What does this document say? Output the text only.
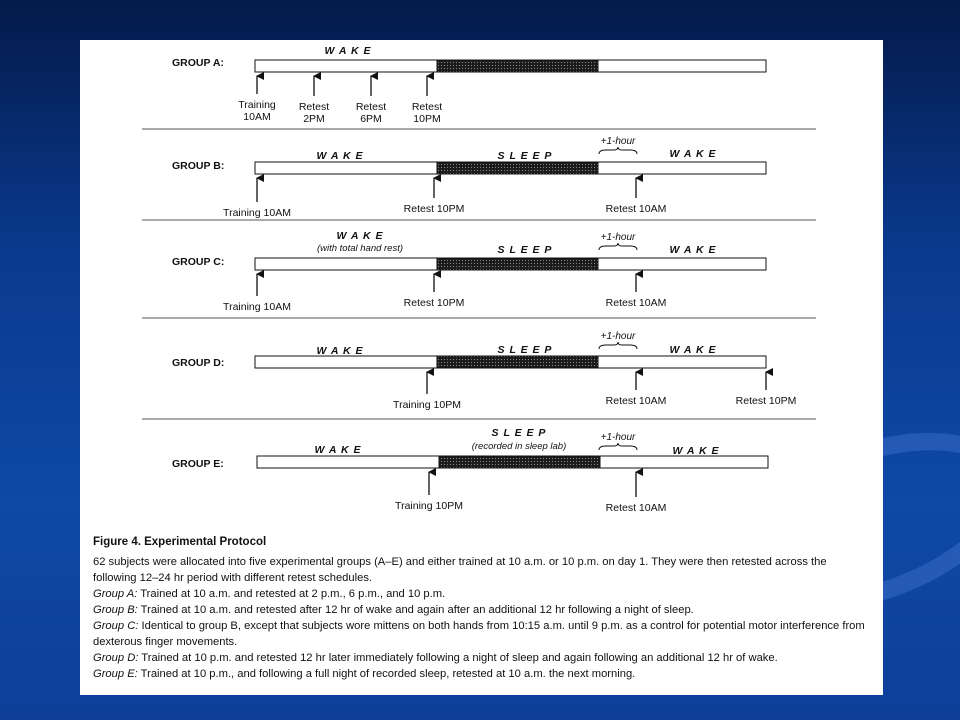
GROUP A:
W A K E
Training
10AM
Retest
2PM
Retest
6PM
Retest
10PM
GROUP B:
W A K E	S L E E P	W A K E
+1-hour
Training 10AM	Retest 10PM	Retest 10AM
GROUP C:
W A K E
(with total hand rest)	S L E E P	W A K E
+1-hour
Training 10AM	Retest 10PM	Retest 10AM
GROUP D:
W A K E	S L E E P	W A K E
+1-hour
Training 10PM	Retest 10AM	Retest 10PM
GROUP E:
W A K E
S L E E P
(recorded in sleep lab)	W A K E
+1-hour
Training 10PM	Retest 10AM
Figure 4. Experimental Protocol

62 subjects were allocated into five experimental groups (A–E) and either trained at 10 a.m. or 10 p.m. on day 1. They were then retested across the following 12–24 hr period with different retest schedules.

Group A: Trained at 10 a.m. and retested at 2 p.m., 6 p.m., and 10 p.m.

Group B: Trained at 10 a.m. and retested after 12 hr of wake and again after an additional 12 hr following a night of sleep.

Group C: Identical to group B, except that subjects wore mittens on both hands from 10:15 a.m. until 9 p.m. as a control for potential motor interference from dexterous finger movements.

Group D: Trained at 10 p.m. and retested 12 hr later immediately following a night of sleep and again following an additional 12 hr of wake.

Group E: Trained at 10 p.m., and following a full night of recorded sleep, retested at 10 a.m. the next morning.
